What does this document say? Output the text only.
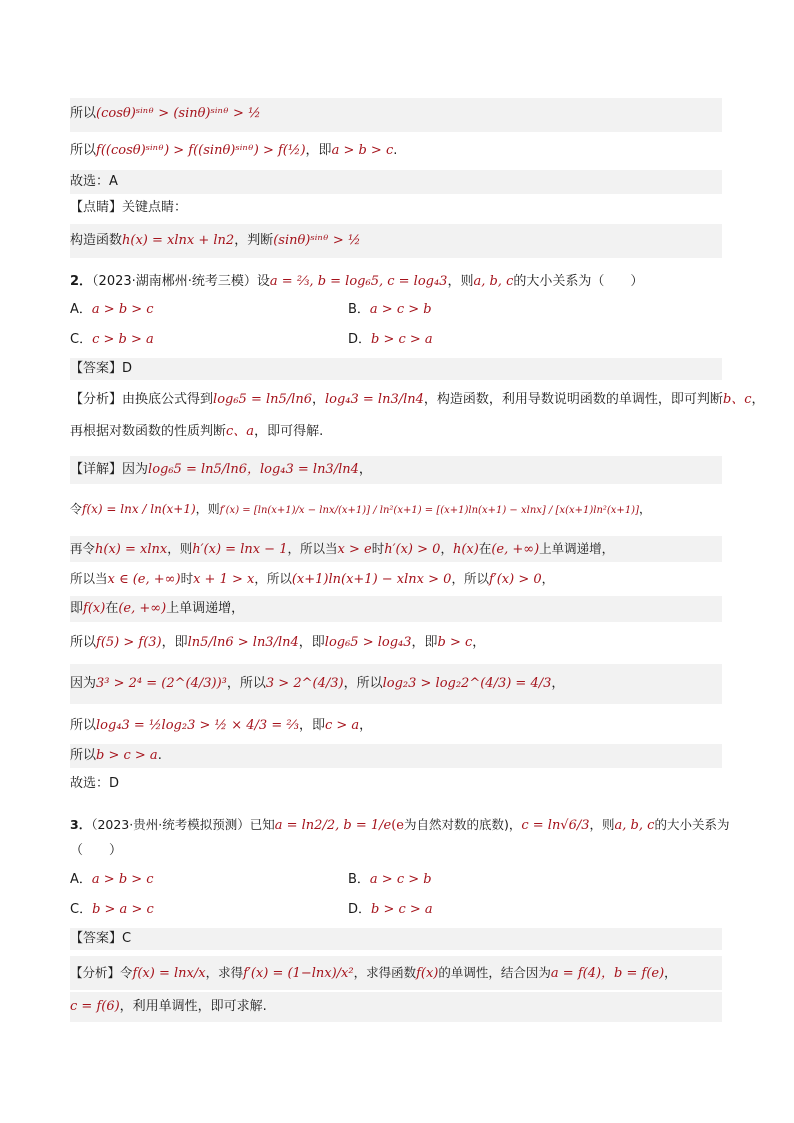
所以(cosθ)ˢⁱⁿᶿ > (sinθ)ˢⁱⁿᶿ > ½
所以f((cosθ)ˢⁱⁿᶿ) > f((sinθ)ˢⁱⁿᶿ) > f(½)，即a > b > c.
故选：A
【点睛】关键点睛：
构造函数h(x) = xlnx + ln2，判断(sinθ)ˢⁱⁿᶿ > ½
2．（2023·湖南郴州·统考三模）设a = ⅔, b = log₆5, c = log₄3，则a, b, c的大小关系为（　　）
A．a > b > c	B．a > c > b
C．c > b > a	D．b > c > a
【答案】D
【分析】由换底公式得到log₆5 = ln5/ln6，log₄3 = ln3/ln4，构造函数，利用导数说明函数的单调性，即可判断b、c，
再根据对数函数的性质判断c、a，即可得解.
【详解】因为log₆5 = ln5/ln6，log₄3 = ln3/ln4，
令f(x) = lnx / ln(x+1)，则f′(x) = [ln(x+1)/x − lnx/(x+1)] / ln²(x+1) = [(x+1)ln(x+1) − xlnx] / [x(x+1)ln²(x+1)]，
再令h(x) = xlnx，则h′(x) = lnx − 1，所以当x > e时h′(x) > 0，h(x)在(e, +∞)上单调递增，
所以当x ∈ (e, +∞)时x + 1 > x，所以(x+1)ln(x+1) − xlnx > 0，所以f′(x) > 0，
即f(x)在(e, +∞)上单调递增，
所以f(5) > f(3)，即ln5/ln6 > ln3/ln4，即log₆5 > log₄3，即b > c，
因为3³ > 2⁴ = (2^(4/3))³，所以3 > 2^(4/3)，所以log₂3 > log₂2^(4/3) = 4/3，
所以log₄3 = ½log₂3 > ½ × 4/3 = ⅔，即c > a，
所以b > c > a.
故选：D
3．（2023·贵州·统考模拟预测）已知a = ln2/2, b = 1/e(e为自然对数的底数)，c = ln√6/3，则a, b, c的大小关系为
（　　）
A．a > b > c	B．a > c > b
C．b > a > c	D．b > c > a
【答案】C
【分析】令f(x) = lnx/x，求得f′(x) = (1−lnx)/x²，求得函数f(x)的单调性，结合因为a = f(4)，b = f(e)，
c = f(6)，利用单调性，即可求解.
